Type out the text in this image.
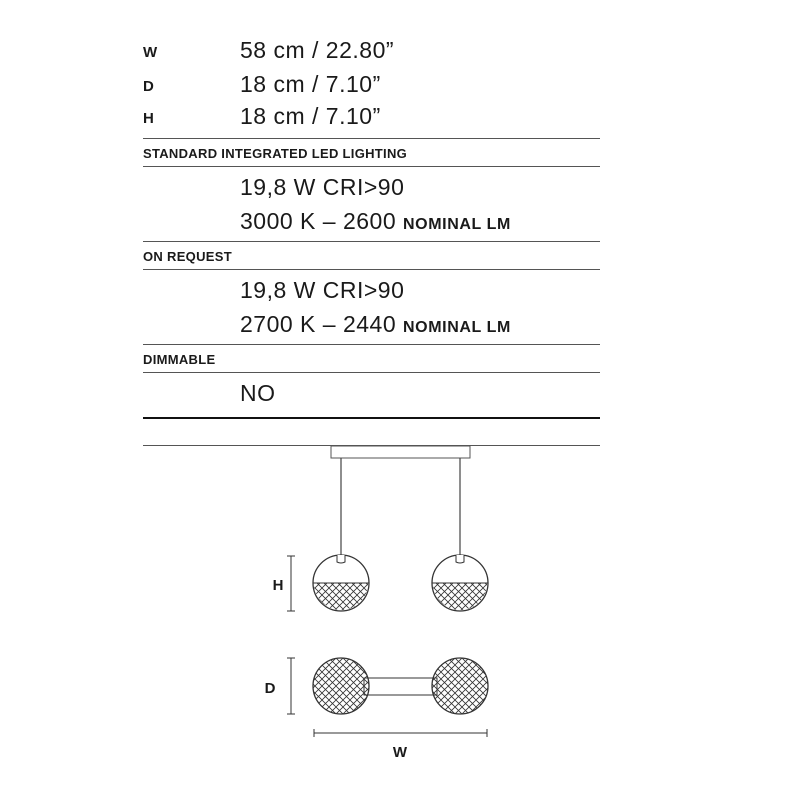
W	58 cm / 22.80”
D	18 cm / 7.10”
H	18 cm / 7.10”
STANDARD INTEGRATED LED LIGHTING
19,8 W CRI>90
3000 K – 2600 NOMINAL LM
ON REQUEST
19,8 W CRI>90
2700 K – 2440 NOMINAL LM
DIMMABLE
NO
H
D
W
